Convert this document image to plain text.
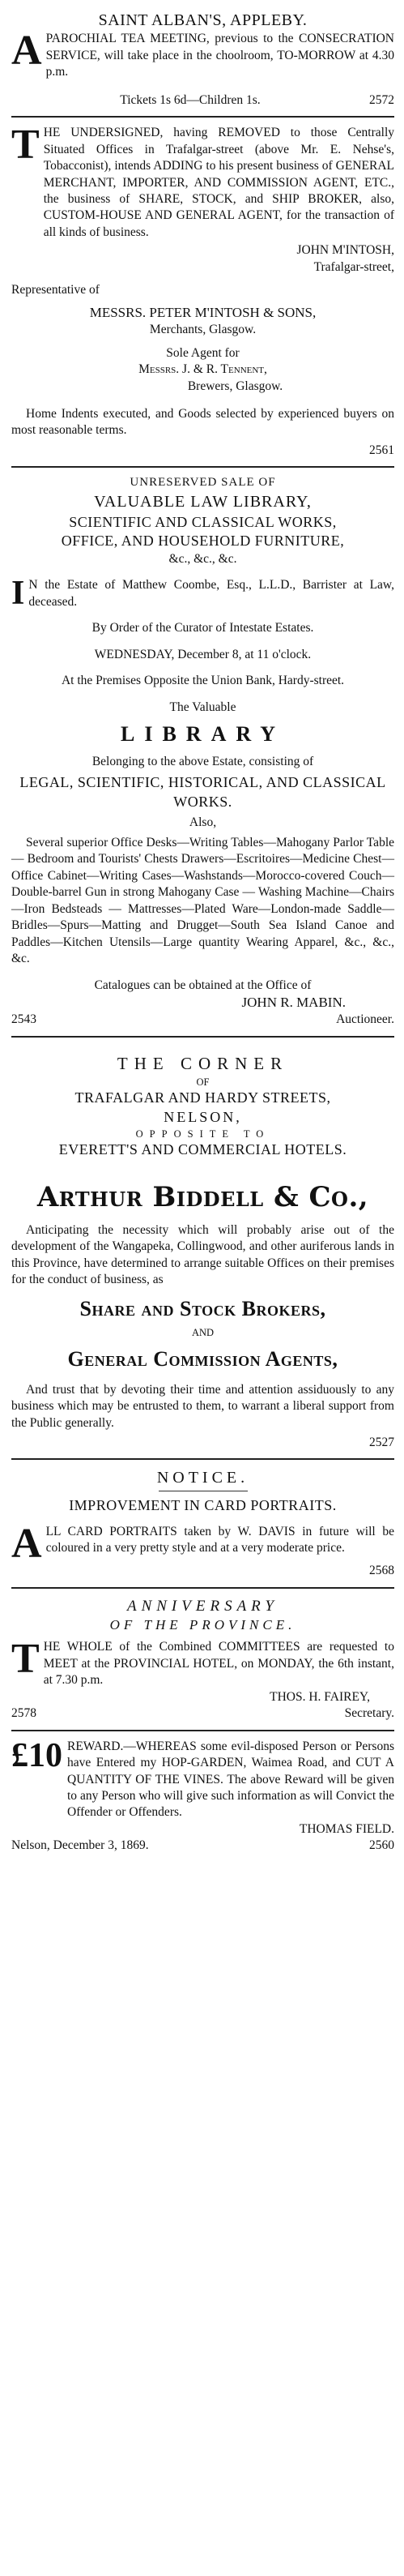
SAINT ALBAN'S, APPLEBY.
A PAROCHIAL TEA MEETING, previous to the CONSECRATION SERVICE, will take place in the choolroom, TO-MORROW at 4.30 p.m.
Tickets 1s 6d—Children 1s.	2572
T HE UNDERSIGNED, having REMOVED to those Centrally Situated Offices in Trafalgar-street (above Mr. E. Nehse's, Tobacconist), intends ADDING to his present business of GENERAL MERCHANT, IMPORTER, AND COMMISSION AGENT, ETC., the business of SHARE, STOCK, and SHIP BROKER, also, CUSTOM-HOUSE AND GENERAL AGENT, for the transaction of all kinds of business.
JOHN M'INTOSH,
Trafalgar-street,
Representative of
MESSRS. PETER M'INTOSH & SONS,
Merchants, Glasgow.
Sole Agent for
Messrs. J. & R. Tennent,
Brewers, Glasgow.

Home Indents executed, and Goods selected by experienced buyers on most reasonable terms.

2561
UNRESERVED SALE OF
VALUABLE LAW LIBRARY,
SCIENTIFIC AND CLASSICAL WORKS,
OFFICE, AND HOUSEHOLD FURNITURE,
&c., &c., &c.
I N the Estate of Matthew Coombe, Esq., L.L.D., Barrister at Law, deceased.

By Order of the Curator of Intestate Estates.

WEDNESDAY, December 8, at 11 o'clock.

At the Premises Opposite the Union Bank, Hardy-street.

The Valuable
LIBRARY
Belonging to the above Estate, consisting of
LEGAL, SCIENTIFIC, HISTORICAL, AND CLASSICAL WORKS.
Also,

Several superior Office Desks—Writing Tables—Mahogany Parlor Table — Bedroom and Tourists' Chests Drawers—Escritoires—Medicine Chest—Office Cabinet—Writing Cases—Washstands—Morocco-covered Couch—Double-barrel Gun in strong Mahogany Case — Washing Machine—Chairs—Iron Bedsteads — Mattresses—Plated Ware—London-made Saddle—Bridles—Spurs—Matting and Drugget—South Sea Island Canoe and Paddles—Kitchen Utensils—Large quantity Wearing Apparel, &c., &c., &c.

Catalogues can be obtained at the Office of
JOHN R. MABIN.
2543	Auctioneer.
THE CORNER
OF
TRAFALGAR AND HARDY STREETS,
NELSON,
OPPOSITE TO
EVERETT'S AND COMMERCIAL HOTELS.
Arthur Biddell & Co.,

Anticipating the necessity which will probably arise out of the development of the Wangapeka, Collingwood, and other auriferous lands in this Province, have determined to arrange suitable Offices on their premises for the conduct of business, as

Share and Stock Brokers,
AND
General Commission Agents,

And trust that by devoting their time and attention assiduously to any business which may be entrusted to them, to warrant a liberal support from the Public generally.

2527
NOTICE.
IMPROVEMENT IN CARD PORTRAITS.
A LL CARD PORTRAITS taken by W. DAVIS in future will be coloured in a very pretty style and at a very moderate price.
2568
ANNIVERSARY
OF THE PROVINCE.
T HE WHOLE of the Combined COMMITTEES are requested to MEET at the PROVINCIAL HOTEL, on MONDAY, the 6th instant, at 7.30 p.m.
THOS. H. FAIREY,
2578	Secretary.
£10 REWARD.—WHEREAS some evil-disposed Person or Persons have Entered my HOP-GARDEN, Waimea Road, and CUT A QUANTITY OF THE VINES. The above Reward will be given to any Person who will give such information as will Convict the Offender or Offenders.
THOMAS FIELD.
Nelson, December 3, 1869.	2560
